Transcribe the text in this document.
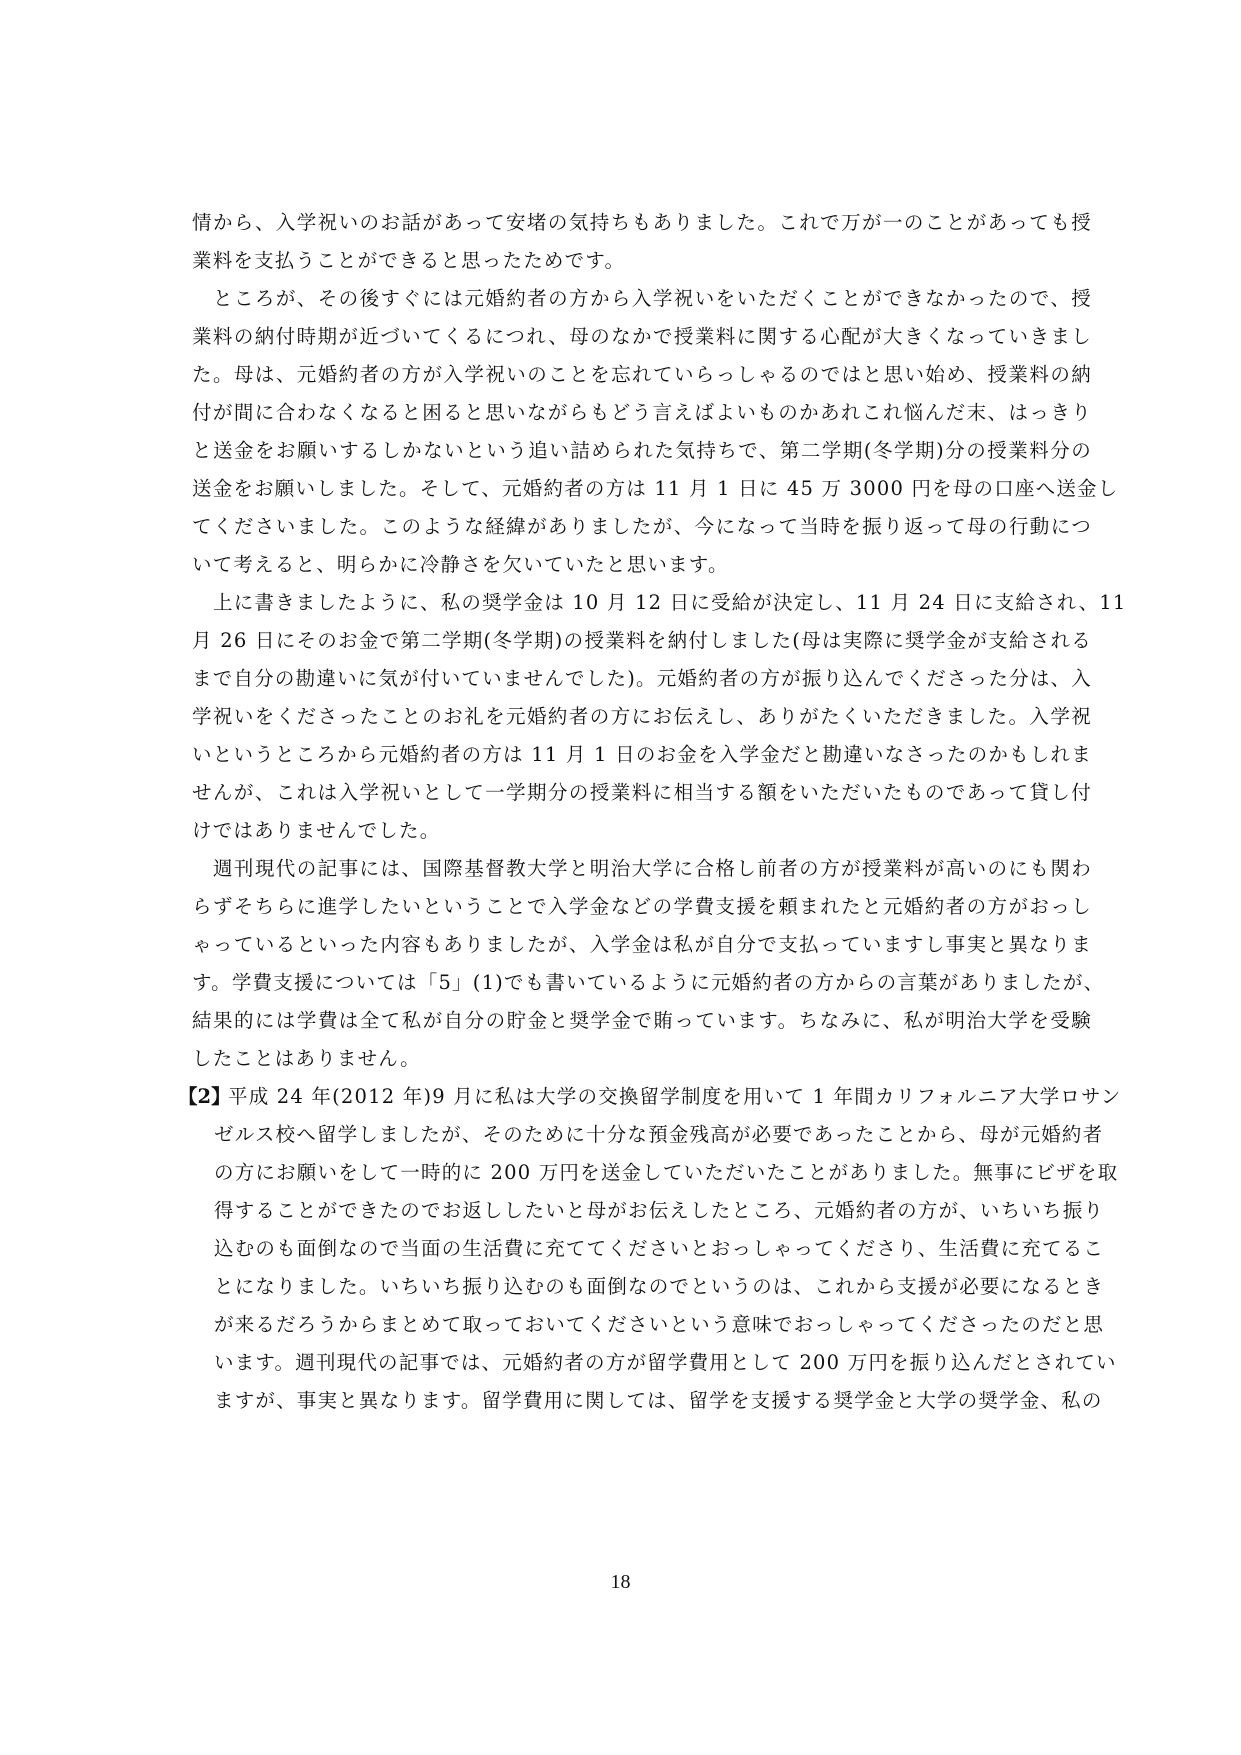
情から、入学祝いのお話があって安堵の気持ちもありました。これで万が一のことがあっても授
業料を支払うことができると思ったためです。
ところが、その後すぐには元婚約者の方から入学祝いをいただくことができなかったので、授
業料の納付時期が近づいてくるにつれ、母のなかで授業料に関する心配が大きくなっていきまし
た。母は、元婚約者の方が入学祝いのことを忘れていらっしゃるのではと思い始め、授業料の納
付が間に合わなくなると困ると思いながらもどう言えばよいものかあれこれ悩んだ末、はっきり
と送金をお願いするしかないという追い詰められた気持ちで、第二学期(冬学期)分の授業料分の
送金をお願いしました。そして、元婚約者の方は 11 月 1 日に 45 万 3000 円を母の口座へ送金し
てくださいました。このような経緯がありましたが、今になって当時を振り返って母の行動につ
いて考えると、明らかに冷静さを欠いていたと思います。
上に書きましたように、私の奨学金は 10 月 12 日に受給が決定し、11 月 24 日に支給され、11
月 26 日にそのお金で第二学期(冬学期)の授業料を納付しました(母は実際に奨学金が支給される
まで自分の勘違いに気が付いていませんでした)。元婚約者の方が振り込んでくださった分は、入
学祝いをくださったことのお礼を元婚約者の方にお伝えし、ありがたくいただきました。入学祝
いというところから元婚約者の方は 11 月 1 日のお金を入学金だと勘違いなさったのかもしれま
せんが、これは入学祝いとして一学期分の授業料に相当する額をいただいたものであって貸し付
けではありませんでした。
週刊現代の記事には、国際基督教大学と明治大学に合格し前者の方が授業料が高いのにも関わ
らずそちらに進学したいということで入学金などの学費支援を頼まれたと元婚約者の方がおっし
ゃっているといった内容もありましたが、入学金は私が自分で支払っていますし事実と異なりま
す。学費支援については「5」(1)でも書いているように元婚約者の方からの言葉がありましたが、
結果的には学費は全て私が自分の貯金と奨学金で賄っています。ちなみに、私が明治大学を受験
したことはありません。
【2】
平成 24 年(2012 年)9 月に私は大学の交換留学制度を用いて 1 年間カリフォルニア大学ロサン
ゼルス校へ留学しましたが、そのために十分な預金残高が必要であったことから、母が元婚約者
の方にお願いをして一時的に 200 万円を送金していただいたことがありました。無事にビザを取
得することができたのでお返ししたいと母がお伝えしたところ、元婚約者の方が、いちいち振り
込むのも面倒なので当面の生活費に充ててくださいとおっしゃってくださり、生活費に充てるこ
とになりました。いちいち振り込むのも面倒なのでというのは、これから支援が必要になるとき
が来るだろうからまとめて取っておいてくださいという意味でおっしゃってくださったのだと思
います。週刊現代の記事では、元婚約者の方が留学費用として 200 万円を振り込んだとされてい
ますが、事実と異なります。留学費用に関しては、留学を支援する奨学金と大学の奨学金、私の
18
